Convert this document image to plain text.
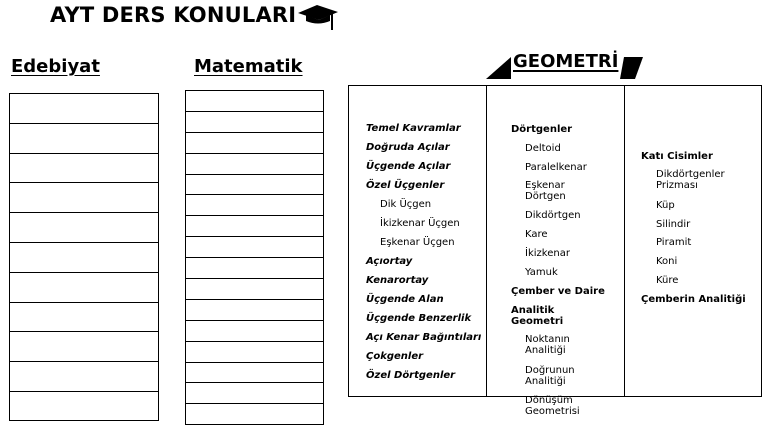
AYT DERS KONULARI
Edebiyat	Matematik	GEOMETRİ
Temel Kavramlar
Doğruda Açılar
Üçgende Açılar
Özel Üçgenler
Dik Üçgen
İkizkenar Üçgen
Eşkenar Üçgen
Açıortay
Kenarortay
Üçgende Alan
Üçgende Benzerlik
Açı Kenar Bağıntıları
Çokgenler
Özel Dörtgenler
Dörtgenler
Deltoid
Paralelkenar
Eşkenar Dörtgen
Dikdörtgen
Kare
İkizkenar
Yamuk
Çember ve Daire
Analitik Geometri
Noktanın Analitiği
Doğrunun Analitiği
Dönüşüm Geometrisi
Katı Cisimler
Dikdörtgenler Prizması
Küp
Silindir
Piramit
Koni
Küre
Çemberin Analitiği
